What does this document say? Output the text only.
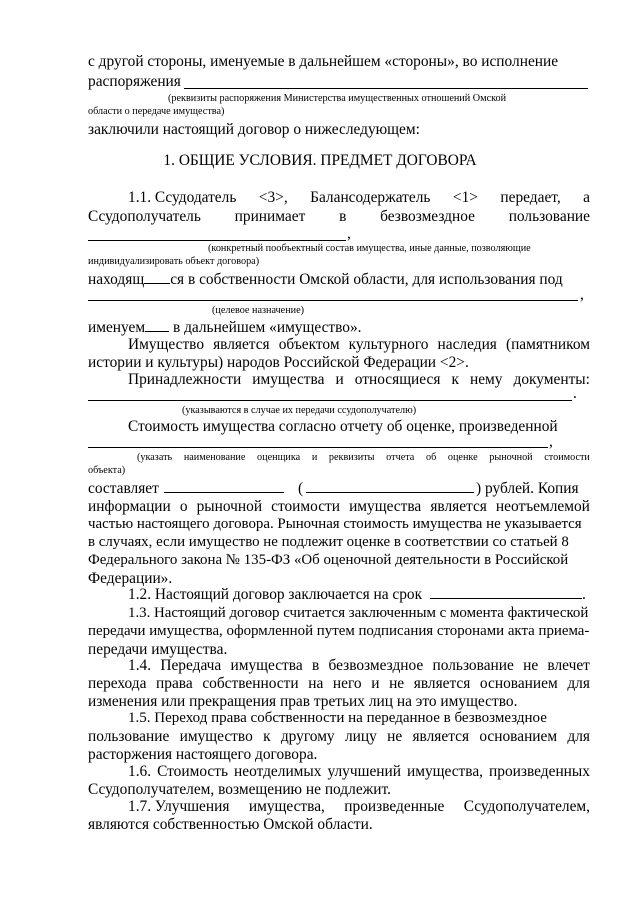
с другой стороны, именуемые в дальнейшем «стороны», во исполнение
распоряжения
(реквизиты распоряжения Министерства имущественных отношений Омской
области о передаче имущества)
заключили настоящий договор о нижеследующем:
1. ОБЩИЕ УСЛОВИЯ. ПРЕДМЕТ ДОГОВОРА
1.1. Ссудодатель <3>, Балансодержатель <1> передает, а
Ссудополучатель принимает в безвозмездное пользование
,
(конкретный пообъектный состав имущества, иные данные, позволяющие
индивидуализировать объект договора)
находящ ся в собственности Омской области, для использования под
,
(целевое назначение)
именуем в дальнейшем «имущество».
Имущество является объектом культурного наследия (памятником
истории и культуры) народов Российской Федерации <2>.
Принадлежности имущества и относящиеся к нему документы:
.
(указываются в случае их передачи ссудополучателю)
Стоимость имущества согласно отчету об оценке, произведенной
,
(указать наименование оценщика и реквизиты отчета об оценке рыночной стоимости
объекта)
составляет	(	) рублей. Копия
информации о рыночной стоимости имущества является неотъемлемой
частью настоящего договора. Рыночная стоимость имущества не указывается
в случаях, если имущество не подлежит оценке в соответствии со статьей 8
Федерального закона № 135-ФЗ «Об оценочной деятельности в Российской
Федерации».
1.2. Настоящий договор заключается на срок	.
1.3. Настоящий договор считается заключенным с момента фактической
передачи имущества, оформленной путем подписания сторонами акта приема-
передачи имущества.
1.4. Передача имущества в безвозмездное пользование не влечет
перехода права собственности на него и не является основанием для
изменения или прекращения прав третьих лиц на это имущество.
1.5. Переход права собственности на переданное в безвозмездное
пользование имущество к другому лицу не является основанием для
расторжения настоящего договора.
1.6. Стоимость неотделимых улучшений имущества, произведенных
Ссудополучателем, возмещению не подлежит.
1.7. Улучшения имущества, произведенные Ссудополучателем,
являются собственностью Омской области.
